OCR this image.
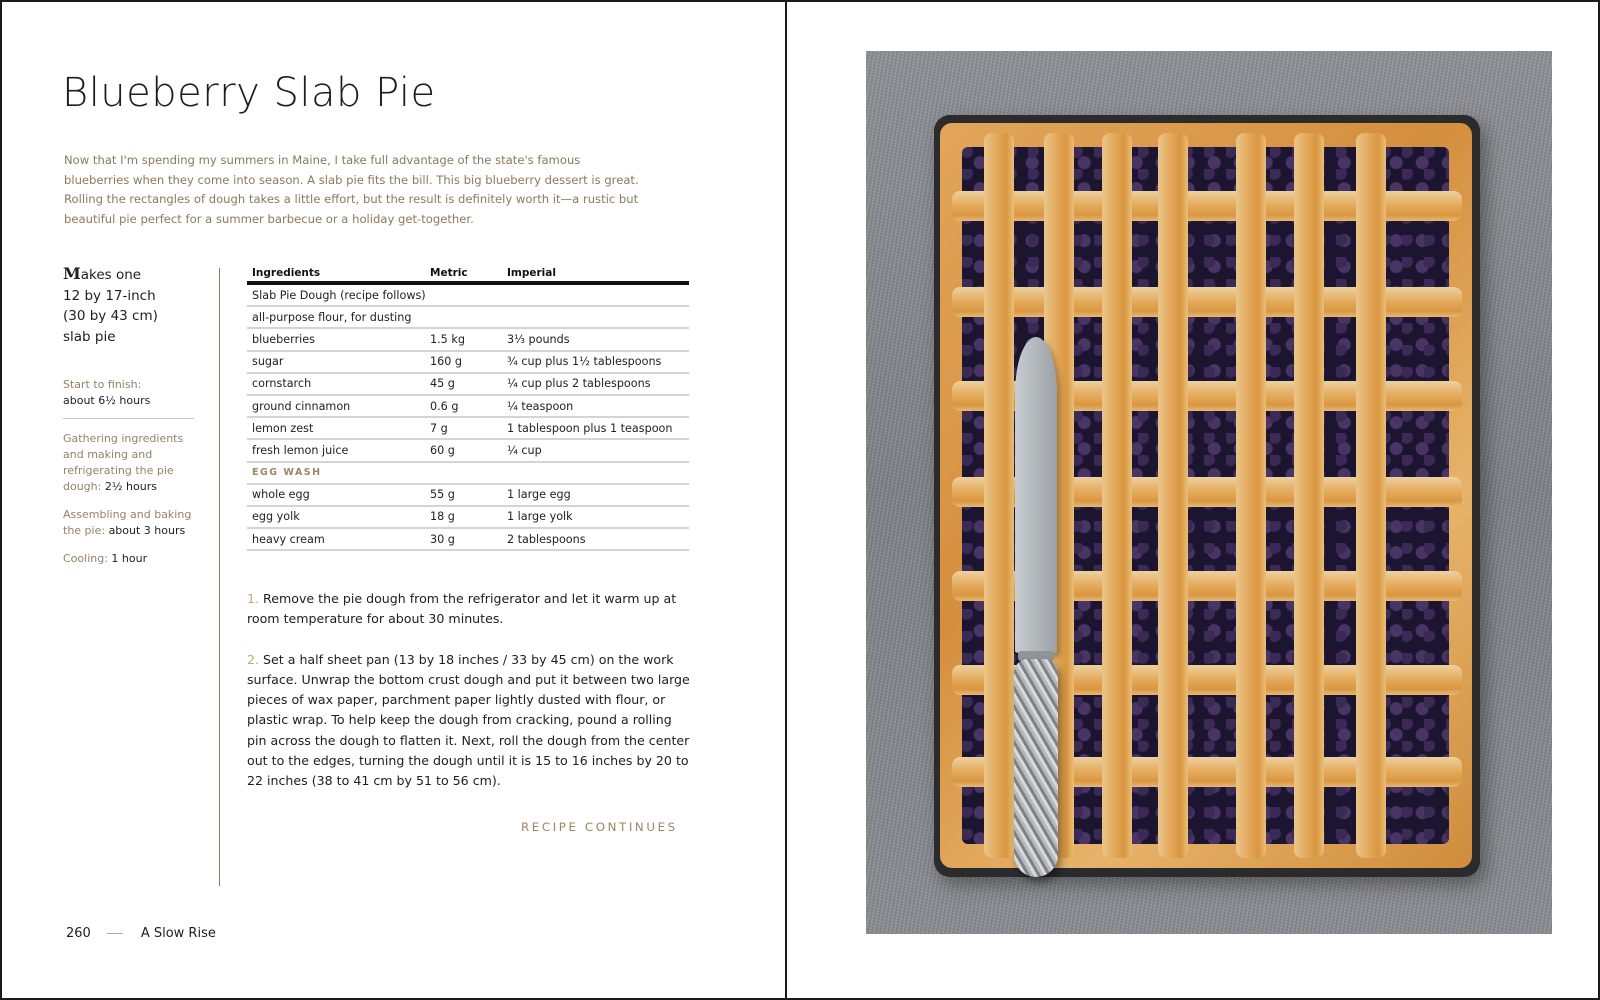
Blueberry Slab Pie

Now that I'm spending my summers in Maine, I take full advantage of the state's famous blueberries when they come into season. A slab pie fits the bill. This big blueberry dessert is great. Rolling the rectangles of dough takes a little effort, but the result is definitely worth it—a rustic but beautiful pie perfect for a summer barbecue or a holiday get-together.

Makes one
12 by 17-inch
(30 by 43 cm)
slab pie
Start to finish:
about 6½ hours
Gathering ingredients and making and refrigerating the pie dough: 2½ hours
Assembling and baking the pie: about 3 hours
Cooling: 1 hour
Ingredients	Metric	Imperial
Slab Pie Dough (recipe follows)
all-purpose flour, for dusting
blueberries	1.5 kg	3⅓ pounds
sugar	160 g	¾ cup plus 1½ tablespoons
cornstarch	45 g	¼ cup plus 2 tablespoons
ground cinnamon	0.6 g	¼ teaspoon
lemon zest	7 g	1 tablespoon plus 1 teaspoon
fresh lemon juice	60 g	¼ cup
EGG WASH
whole egg	55 g	1 large egg
egg yolk	18 g	1 large yolk
heavy cream	30 g	2 tablespoons

1. Remove the pie dough from the refrigerator and let it warm up at room temperature for about 30 minutes.

2. Set a half sheet pan (13 by 18 inches / 33 by 45 cm) on the work surface. Unwrap the bottom crust dough and put it between two large pieces of wax paper, parchment paper lightly dusted with flour, or plastic wrap. To help keep the dough from cracking, pound a rolling pin across the dough to flatten it. Next, roll the dough from the center out to the edges, turning the dough until it is 15 to 16 inches by 20 to 22 inches (38 to 41 cm by 51 to 56 cm).

RECIPE CONTINUES
260	A Slow Rise
